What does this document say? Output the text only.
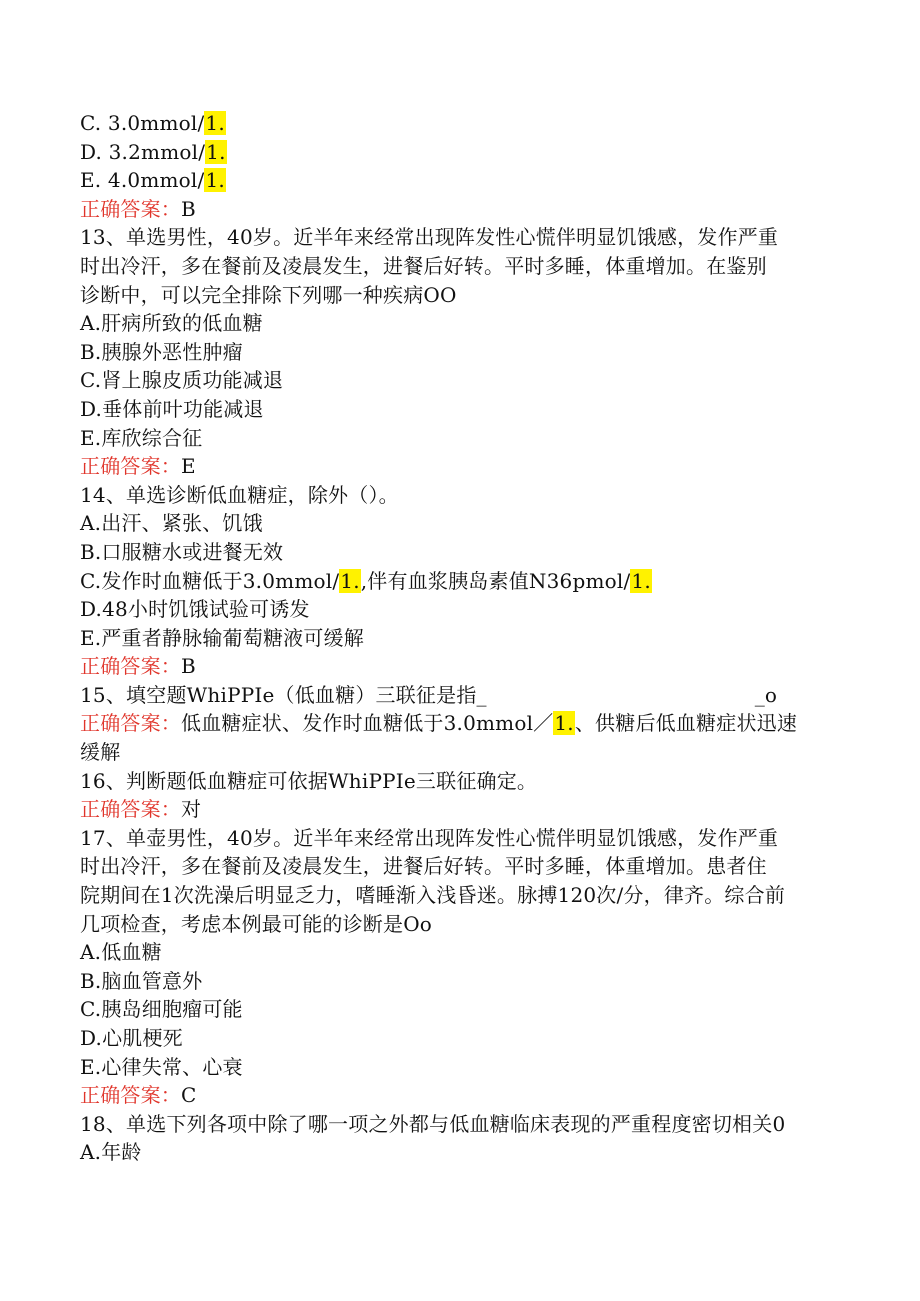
C. 3.0mmol/1.
D. 3.2mmol/1.
E. 4.0mmol/1.
正确答案：B
13、单选男性，40岁。近半年来经常出现阵发性心慌伴明显饥饿感，发作严重
时出冷汗，多在餐前及凌晨发生，进餐后好转。平时多睡，体重增加。在鉴别
诊断中，可以完全排除下列哪一种疾病OO
A.肝病所致的低血糖
B.胰腺外恶性肿瘤
C.肾上腺皮质功能减退
D.垂体前叶功能减退
E.库欣综合征
正确答案：E
14、单选诊断低血糖症，除外（）。
A.出汗、紧张、饥饿
B.口服糖水或进餐无效
C.发作时血糖低于3.0mmol/1.,伴有血浆胰岛素值N36pmol/1.
D.48小时饥饿试验可诱发
E.严重者静脉输葡萄糖液可缓解
正确答案：B
15、填空题WhiPPIe（低血糖）三联征是指_	_o
正确答案：低血糖症状、发作时血糖低于3.0mmol／1.、供糖后低血糖症状迅速
缓解
16、判断题低血糖症可依据WhiPPIe三联征确定。
正确答案：对
17、单壶男性，40岁。近半年来经常出现阵发性心慌伴明显饥饿感，发作严重
时出冷汗，多在餐前及凌晨发生，进餐后好转。平时多睡，体重增加。患者住
院期间在1次洗澡后明显乏力，嗜睡渐入浅昏迷。脉搏120次/分，律齐。综合前
几项检查，考虑本例最可能的诊断是Oo
A.低血糖
B.脑血管意外
C.胰岛细胞瘤可能
D.心肌梗死
E.心律失常、心衰
正确答案：C
18、单选下列各项中除了哪一项之外都与低血糖临床表现的严重程度密切相关0
A.年龄
